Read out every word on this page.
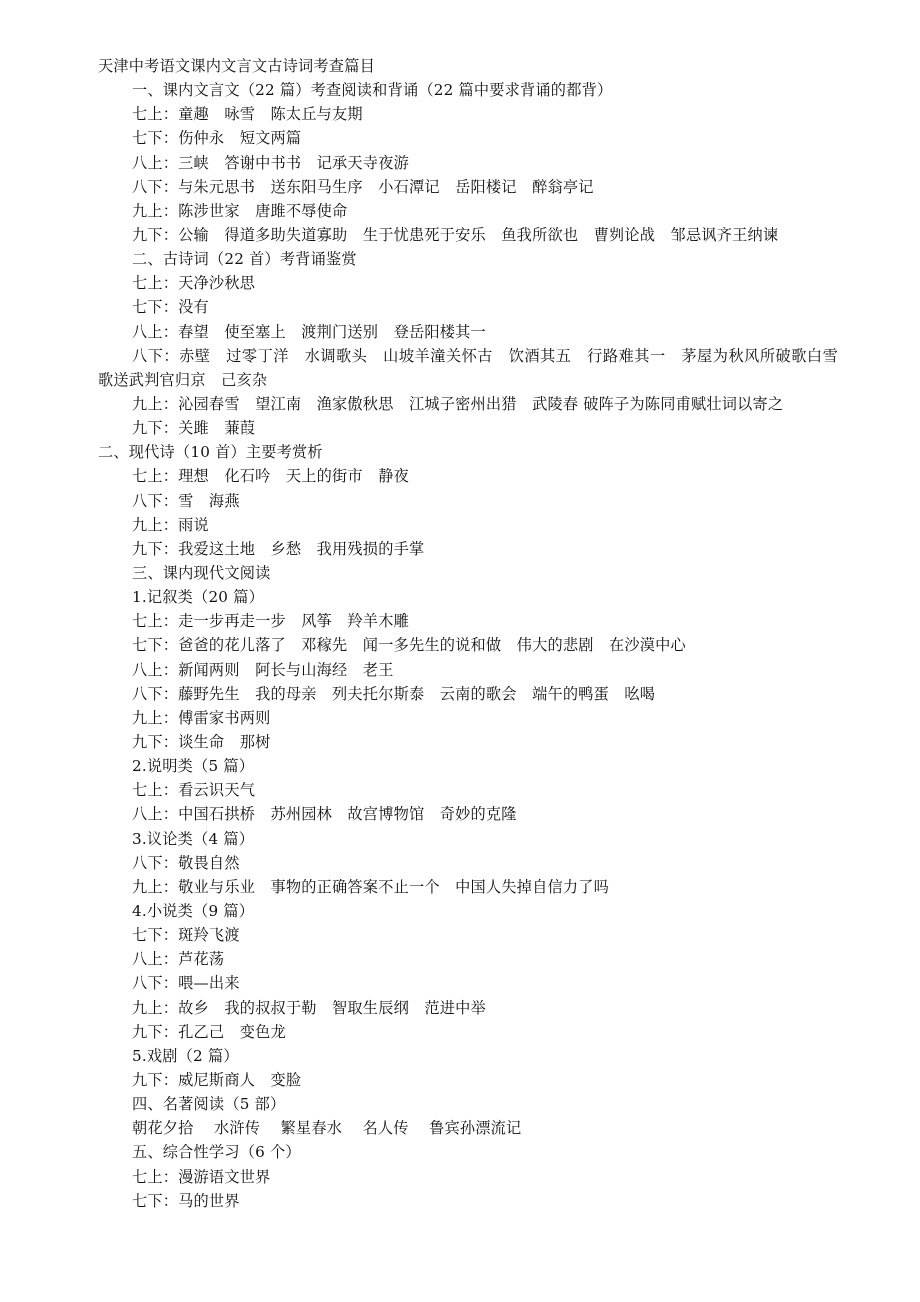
天津中考语文课内文言文古诗词考查篇目
一、课内文言文（22 篇）考查阅读和背诵（22 篇中要求背诵的都背）
七上：童趣　咏雪　陈太丘与友期
七下：伤仲永　短文两篇
八上：三峡　答谢中书书　记承天寺夜游
八下：与朱元思书　送东阳马生序　小石潭记　岳阳楼记　醉翁亭记
九上：陈涉世家　唐雎不辱使命
九下：公输　得道多助失道寡助　生于忧患死于安乐　鱼我所欲也　曹刿论战　邹忌讽齐王纳谏
二、古诗词（22 首）考背诵鉴赏
七上：天净沙秋思
七下：没有
八上：春望　使至塞上　渡荆门送别　登岳阳楼其一
八下：赤壁　过零丁洋　水调歌头　山坡羊潼关怀古　饮酒其五　行路难其一　茅屋为秋风所破歌白雪歌送武判官归京　己亥杂
九上：沁园春雪　望江南　渔家傲秋思　江城子密州出猎　武陵春 破阵子为陈同甫赋壮词以寄之
九下：关雎　蒹葭
二、现代诗（10 首）主要考赏析
七上：理想　化石吟　天上的街市　静夜
八下：雪　海燕
九上：雨说
九下：我爱这土地　乡愁　我用残损的手掌
三、课内现代文阅读
1.记叙类（20 篇）
七上：走一步再走一步　风筝　羚羊木雕
七下：爸爸的花儿落了　邓稼先　闻一多先生的说和做　伟大的悲剧　在沙漠中心
八上：新闻两则　阿长与山海经　老王
八下：藤野先生　我的母亲　列夫托尔斯泰　云南的歌会　端午的鸭蛋　吆喝
九上：傅雷家书两则
九下：谈生命　那树
2.说明类（5 篇）
七上：看云识天气
八上：中国石拱桥　苏州园林　故宫博物馆　奇妙的克隆
3.议论类（4 篇）
八下：敬畏自然
九上：敬业与乐业　事物的正确答案不止一个　中国人失掉自信力了吗
4.小说类（9 篇）
七下：斑羚飞渡
八上：芦花荡
八下：喂—出来
九上：故乡　我的叔叔于勒　智取生辰纲　范进中举
九下：孔乙己　变色龙
5.戏剧（2 篇）
九下：威尼斯商人　变脸
四、名著阅读（5 部）
朝花夕拾　 水浒传　 繁星春水　 名人传　 鲁宾孙漂流记
五、综合性学习（6 个）
七上：漫游语文世界
七下：马的世界
